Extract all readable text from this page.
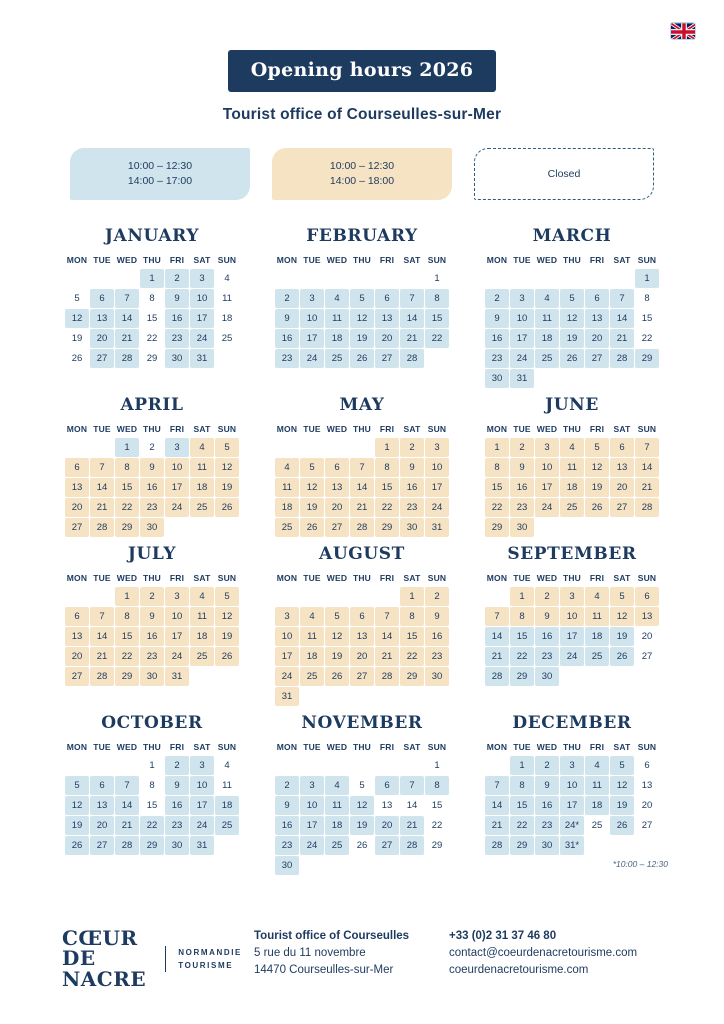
Opening hours 2026
Tourist office of Courseulles-sur-Mer
10:00 – 12:30
14:00 – 17:00
10:00 – 12:30
14:00 – 18:00
Closed
JANUARY
MON	TUE	WED	THU	FRI	SAT	SUN
			1	2	3	4
5	6	7	8	9	10	11
12	13	14	15	16	17	18
19	20	21	22	23	24	25
26	27	28	29	30	31	
FEBRUARY
MON	TUE	WED	THU	FRI	SAT	SUN
						1
2	3	4	5	6	7	8
9	10	11	12	13	14	15
16	17	18	19	20	21	22
23	24	25	26	27	28	
MARCH
MON	TUE	WED	THU	FRI	SAT	SUN
						1
2	3	4	5	6	7	8
9	10	11	12	13	14	15
16	17	18	19	20	21	22
23	24	25	26	27	28	29
30	31					
APRIL
MON	TUE	WED	THU	FRI	SAT	SUN
		1	2	3	4	5
6	7	8	9	10	11	12
13	14	15	16	17	18	19
20	21	22	23	24	25	26
27	28	29	30			
MAY
MON	TUE	WED	THU	FRI	SAT	SUN
				1	2	3
4	5	6	7	8	9	10
11	12	13	14	15	16	17
18	19	20	21	22	23	24
25	26	27	28	29	30	31
JUNE
MON	TUE	WED	THU	FRI	SAT	SUN
1	2	3	4	5	6	7
8	9	10	11	12	13	14
15	16	17	18	19	20	21
22	23	24	25	26	27	28
29	30					
JULY
MON	TUE	WED	THU	FRI	SAT	SUN
		1	2	3	4	5
6	7	8	9	10	11	12
13	14	15	16	17	18	19
20	21	22	23	24	25	26
27	28	29	30	31		
AUGUST
MON	TUE	WED	THU	FRI	SAT	SUN
					1	2
3	4	5	6	7	8	9
10	11	12	13	14	15	16
17	18	19	20	21	22	23
24	25	26	27	28	29	30
31						
SEPTEMBER
MON	TUE	WED	THU	FRI	SAT	SUN
	1	2	3	4	5	6
7	8	9	10	11	12	13
14	15	16	17	18	19	20
21	22	23	24	25	26	27
28	29	30				
OCTOBER
MON	TUE	WED	THU	FRI	SAT	SUN
			1	2	3	4
5	6	7	8	9	10	11
12	13	14	15	16	17	18
19	20	21	22	23	24	25
26	27	28	29	30	31	
NOVEMBER
MON	TUE	WED	THU	FRI	SAT	SUN
						1
2	3	4	5	6	7	8
9	10	11	12	13	14	15
16	17	18	19	20	21	22
23	24	25	26	27	28	29
30						
DECEMBER
MON	TUE	WED	THU	FRI	SAT	SUN
	1	2	3	4	5	6
7	8	9	10	11	12	13
14	15	16	17	18	19	20
21	22	23	24*	25	26	27
28	29	30	31*			
*10:00 – 12:30
CŒUR
DE NACRE
NORMANDIE
TOURISME
Tourist office of Courseulles
5 rue du 11 novembre
14470 Courseulles-sur-Mer
+33 (0)2 31 37 46 80
contact@coeurdenacretourisme.com
coeurdenacretourisme.com
